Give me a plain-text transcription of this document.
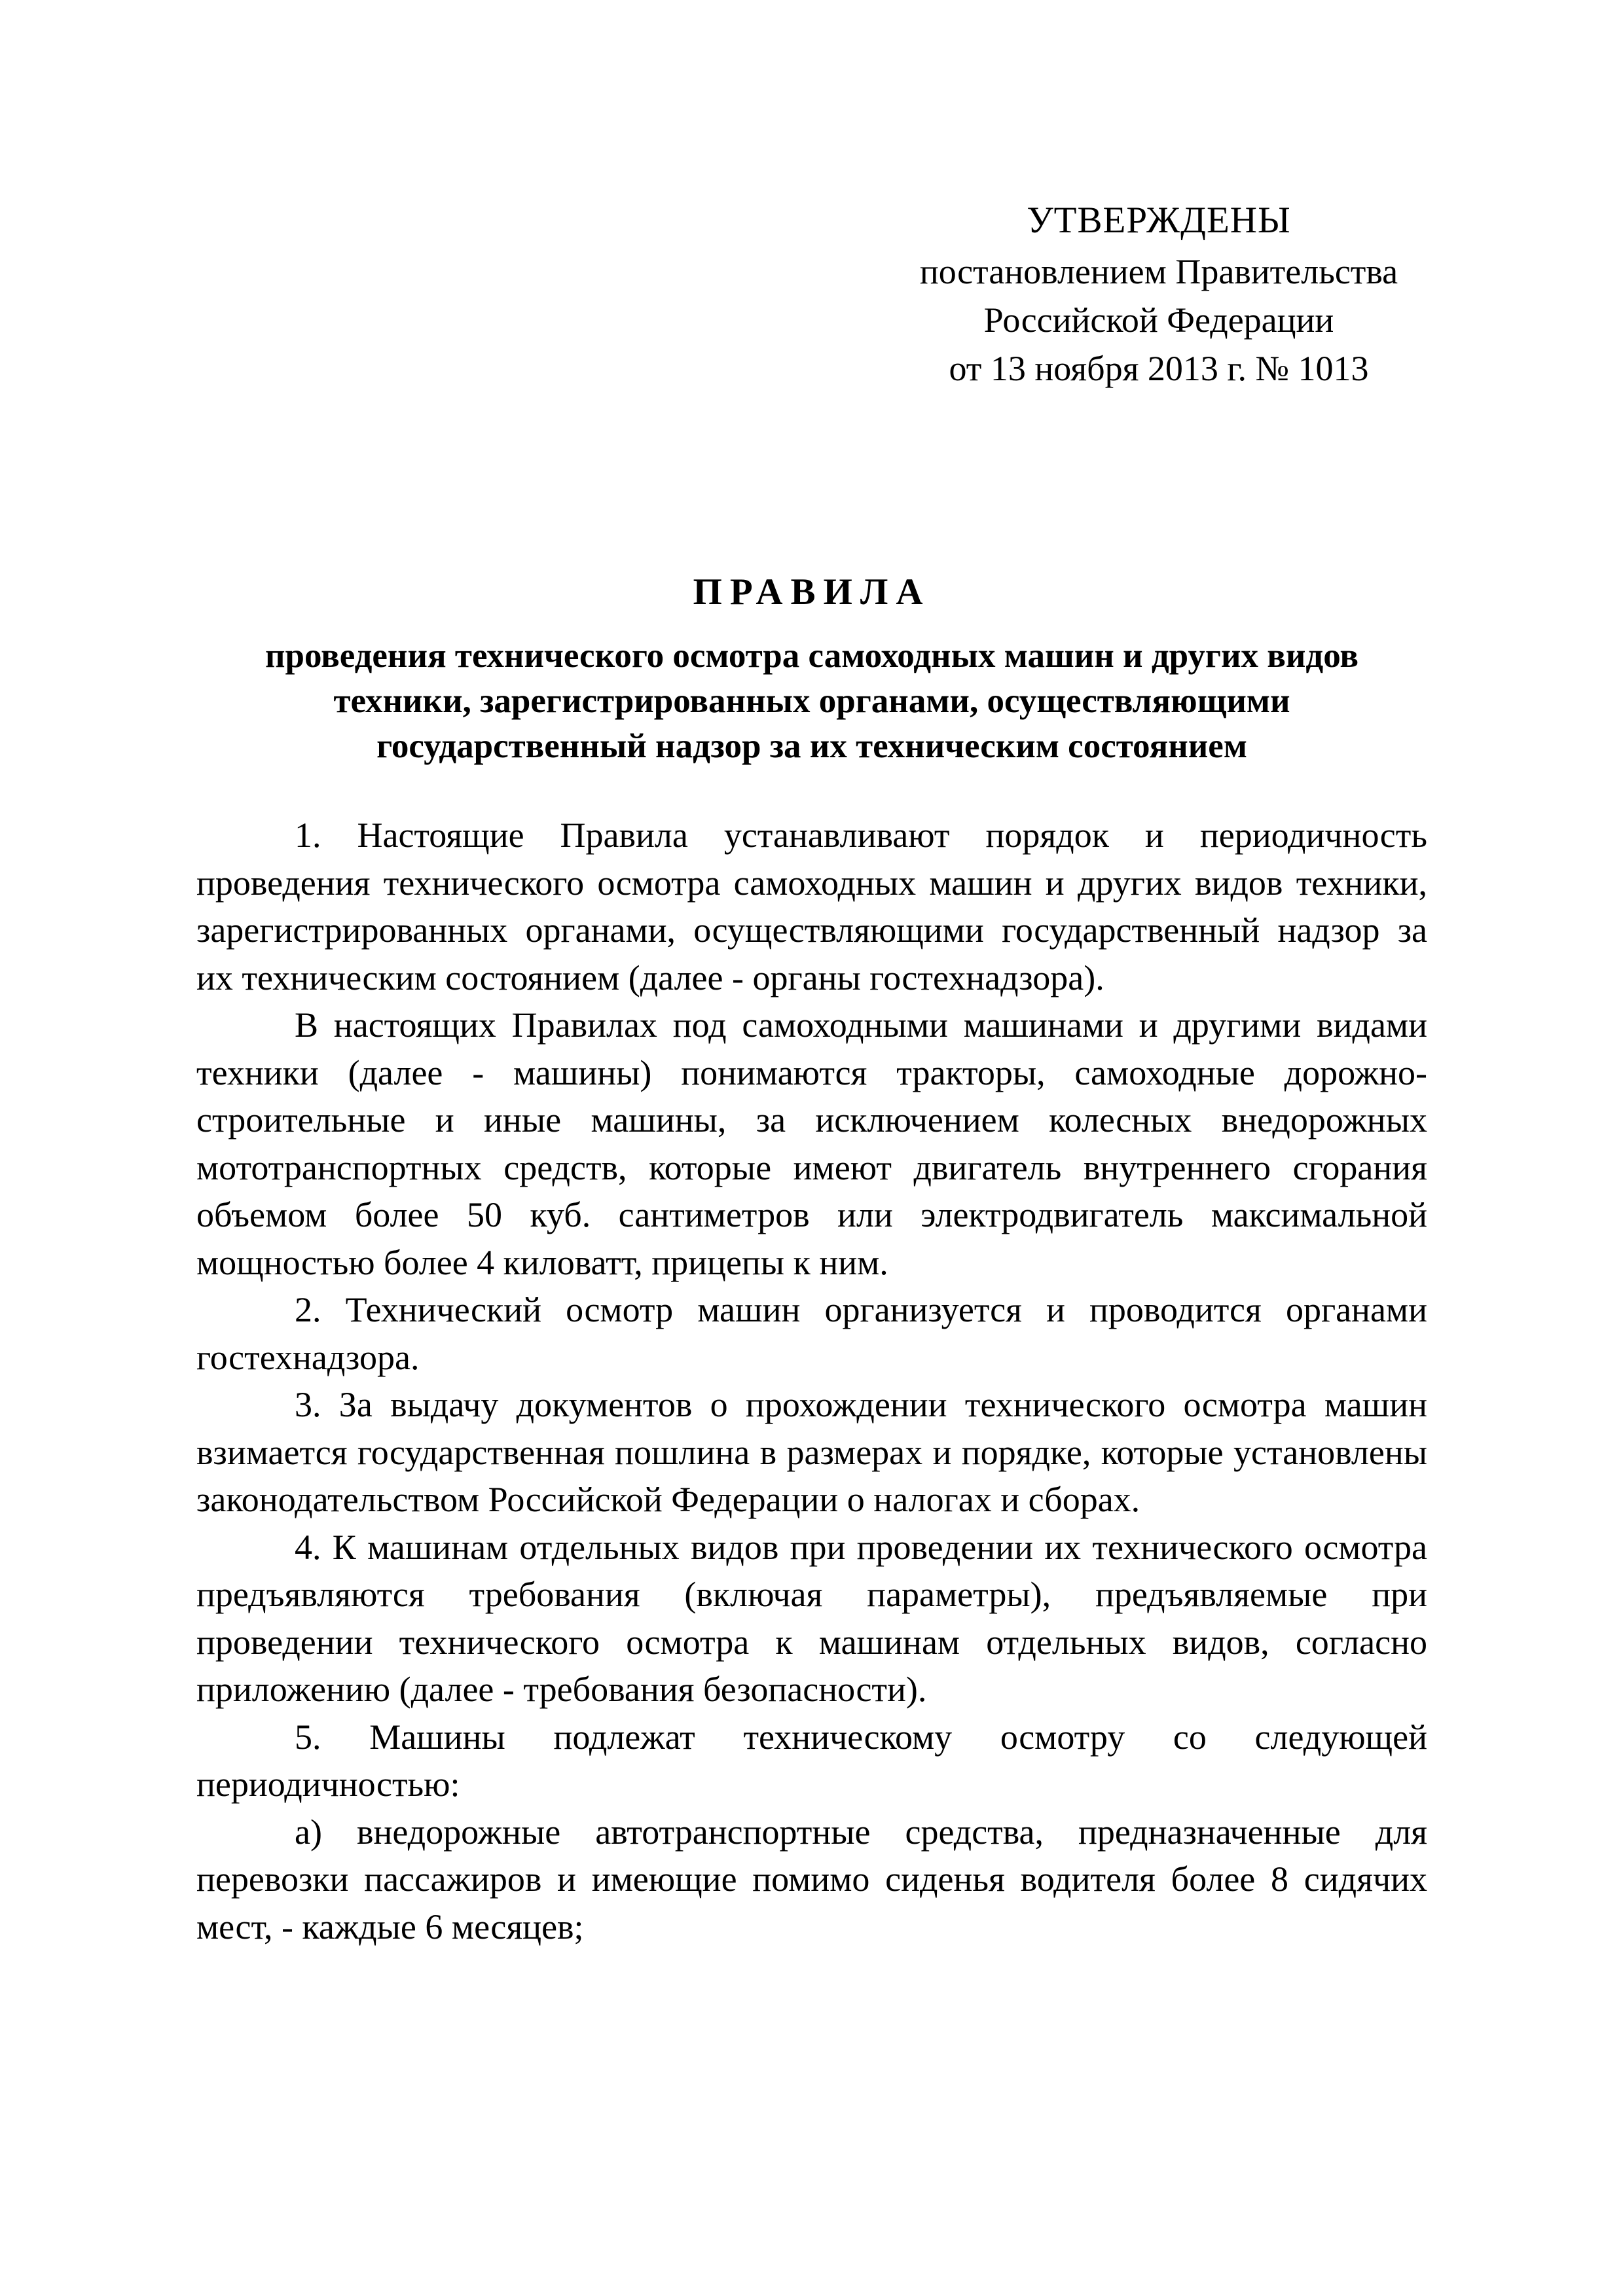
УТВЕРЖДЕНЫ
постановлением Правительства
Российской Федерации
от 13 ноября 2013 г. № 1013
ПРАВИЛА
проведения технического осмотра самоходных машин и других видов техники, зарегистрированных органами, осуществляющими государственный надзор за их техническим состоянием

1. Настоящие Правила устанавливают порядок и периодичность проведения технического осмотра самоходных машин и других видов техники, зарегистрированных органами, осуществляющими государственный надзор за их техническим состоянием (далее - органы гостехнадзора).

В настоящих Правилах под самоходными машинами и другими видами техники (далее - машины) понимаются тракторы, самоходные дорожно-строительные и иные машины, за исключением колесных внедорожных мототранспортных средств, которые имеют двигатель внутреннего сгорания объемом более 50 куб. сантиметров или электродвигатель максимальной мощностью более 4 киловатт, прицепы к ним.

2. Технический осмотр машин организуется и проводится органами гостехнадзора.

3. За выдачу документов о прохождении технического осмотра машин взимается государственная пошлина в размерах и порядке, которые установлены законодательством Российской Федерации о налогах и сборах.

4. К машинам отдельных видов при проведении их технического осмотра предъявляются требования (включая параметры), предъявляемые при проведении технического осмотра к машинам отдельных видов, согласно приложению (далее - требования безопасности).

5. Машины подлежат техническому осмотру со следующей периодичностью:

а) внедорожные автотранспортные средства, предназначенные для перевозки пассажиров и имеющие помимо сиденья водителя более 8 сидячих мест, - каждые 6 месяцев;
